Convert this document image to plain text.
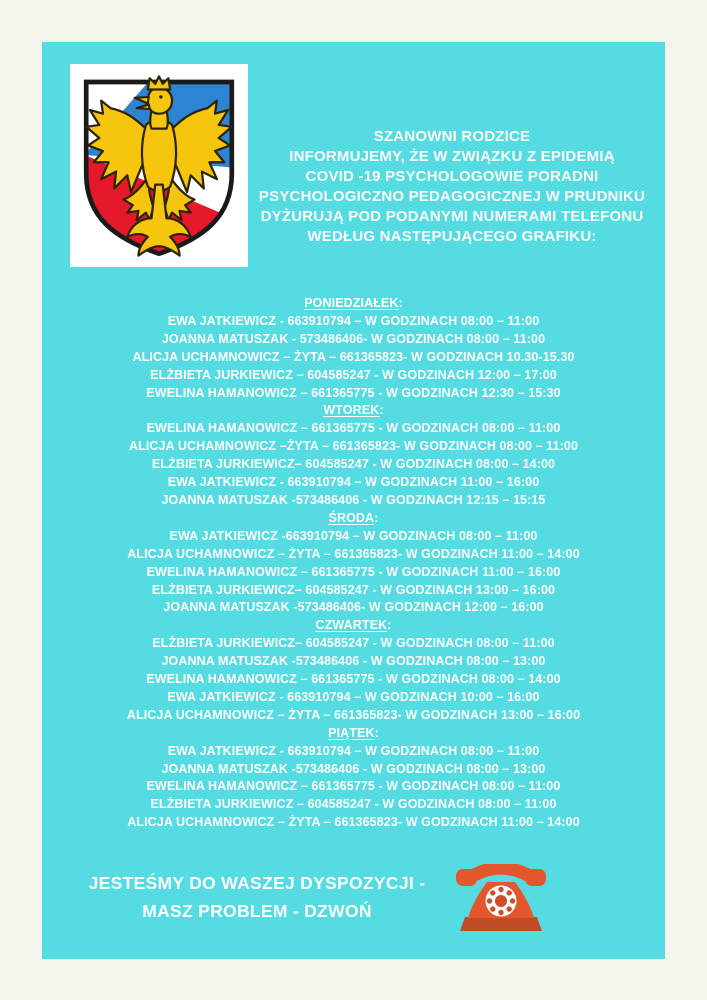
SZANOWNI RODZICE
INFORMUJEMY, ŻE W ZWIĄZKU Z EPIDEMIĄ
COVID -19 PSYCHOLOGOWIE PORADNI
PSYCHOLOGICZNO PEDAGOGICZNEJ W PRUDNIKU
DYŻURUJĄ POD PODANYMI NUMERAMI TELEFONU
WEDŁUG NASTĘPUJĄCEGO GRAFIKU:
PONIEDZIAŁEK:
EWA JATKIEWICZ - 663910794 – W GODZINACH 08:00 – 11:00
JOANNA MATUSZAK - 573486406- W GODZINACH 08:00 – 11:00
ALICJA UCHAMNOWICZ – ŻYTA – 661365823- W GODZINACH 10.30-15.30
ELŻBIETA JURKIEWICZ – 604585247 - W GODZINACH 12:00 – 17:00
EWELINA HAMANOWICZ – 661365775 - W GODZINACH 12:30 – 15:30
WTOREK:
EWELINA HAMANOWICZ – 661365775 - W GODZINACH 08:00 – 11:00
ALICJA UCHAMNOWICZ –ŻYTA – 661365823- W GODZINACH 08:00 – 11:00
ELŻBIETA JURKIEWICZ– 604585247 - W GODZINACH 08:00 – 14:00
EWA JATKIEWICZ - 663910794 – W GODZINACH 11:00 – 16:00
JOANNA MATUSZAK -573486406 - W GODZINACH 12:15 – 15:15
ŚRODA:
EWA JATKIEWICZ -663910794 – W GODZINACH 08:00 – 11:00
ALICJA UCHAMNOWICZ – ŻYTA – 661365823- W GODZINACH 11:00 – 14:00
EWELINA HAMANOWICZ – 661365775 - W GODZINACH 11:00 – 16:00
ELŻBIETA JURKIEWICZ– 604585247 - W GODZINACH 13:00 – 16:00
JOANNA MATUSZAK -573486406- W GODZINACH 12:00 – 16:00
CZWARTEK:
ELŻBIETA JURKIEWICZ– 604585247 - W GODZINACH 08:00 – 11:00
JOANNA MATUSZAK -573486406 - W GODZINACH 08:00 – 13:00
EWELINA HAMANOWICZ – 661365775 - W GODZINACH 08:00 – 14:00
EWA JATKIEWICZ - 663910794 – W GODZINACH 10:00 – 16:00
ALICJA UCHAMNOWICZ – ŻYTA – 661365823- W GODZINACH 13:00 – 16:00
PIĄTEK:
EWA JATKIEWICZ - 663910794 – W GODZINACH 08:00 – 11:00
JOANNA MATUSZAK -573486406 - W GODZINACH 08:00 – 13:00
EWELINA HAMANOWICZ – 661365775 - W GODZINACH 08:00 – 11:00
ELŻBIETA JURKIEWICZ – 604585247 - W GODZINACH 08:00 – 11:00
ALICJA UCHAMNOWICZ – ŻYTA – 661365823- W GODZINACH 11:00 – 14:00
JESTEŚMY DO WASZEJ DYSPOZYCJI -
MASZ PROBLEM - DZWOŃ
